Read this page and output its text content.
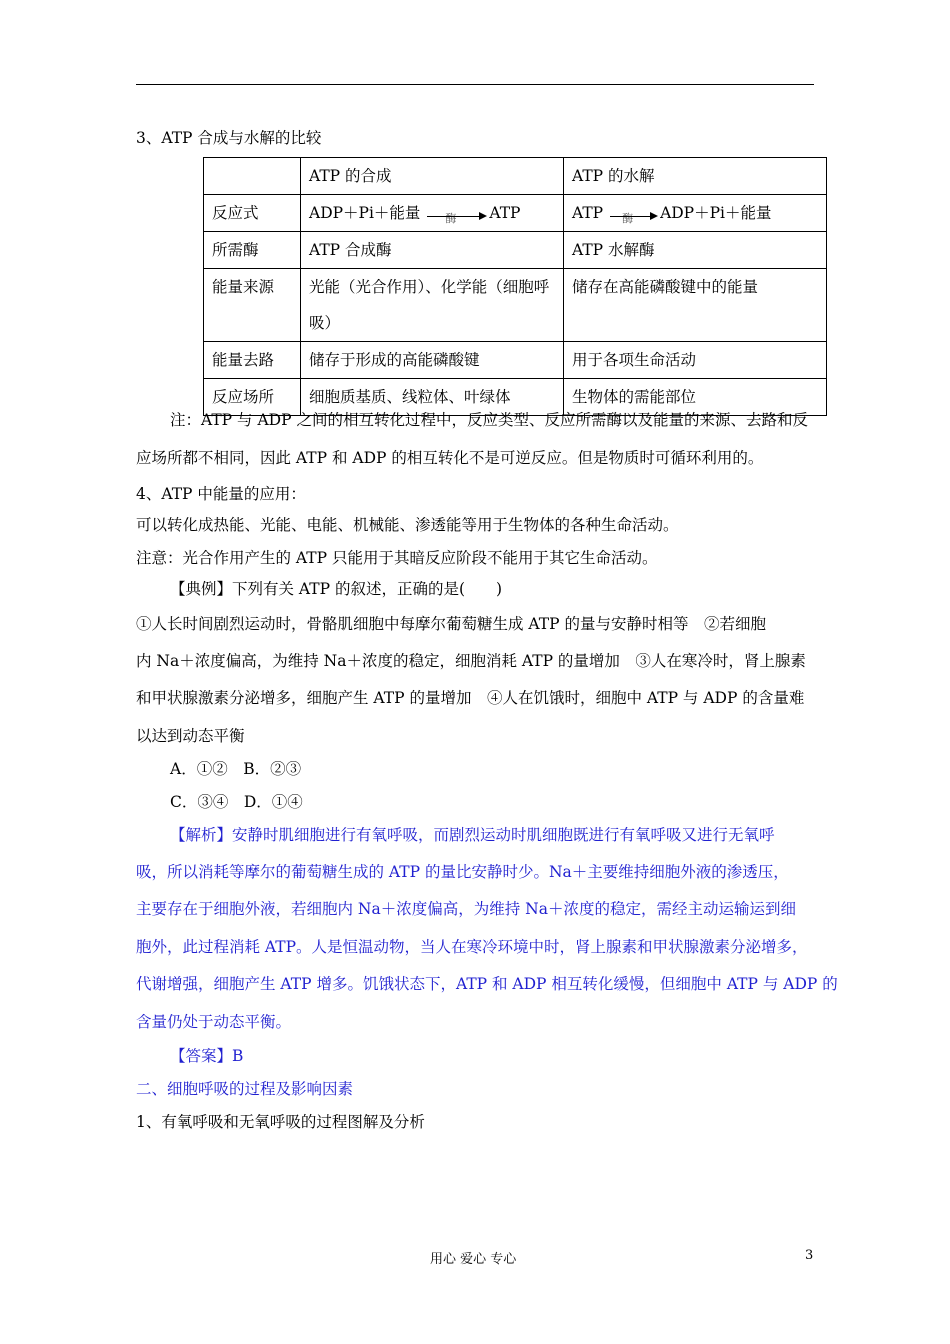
3、ATP 合成与水解的比较
	ATP 的合成	ATP 的水解
反应式	ADP＋Pi＋能量 酶 ATP	ATP 酶 ADP＋Pi＋能量
所需酶	ATP 合成酶	ATP 水解酶
能量来源	光能（光合作用）、化学能（细胞呼吸）	储存在高能磷酸键中的能量
能量去路	储存于形成的高能磷酸键	用于各项生命活动
反应场所	细胞质基质、线粒体、叶绿体	生物体的需能部位
注：ATP 与 ADP 之间的相互转化过程中，反应类型、反应所需酶以及能量的来源、去路和反
应场所都不相同，因此 ATP 和 ADP 的相互转化不是可逆反应。但是物质时可循环利用的。
4、ATP 中能量的应用：
可以转化成热能、光能、电能、机械能、渗透能等用于生物体的各种生命活动。
注意：光合作用产生的 ATP 只能用于其暗反应阶段不能用于其它生命活动。
【典例】下列有关 ATP 的叙述，正确的是(　　)
①人长时间剧烈运动时，骨骼肌细胞中每摩尔葡萄糖生成 ATP 的量与安静时相等　②若细胞
内 Na＋浓度偏高，为维持 Na＋浓度的稳定，细胞消耗 ATP 的量增加　③人在寒冷时，肾上腺素
和甲状腺激素分泌增多，细胞产生 ATP 的量增加　④人在饥饿时，细胞中 ATP 与 ADP 的含量难
以达到动态平衡
A．①②　B．②③
C．③④　D．①④
【解析】安静时肌细胞进行有氧呼吸，而剧烈运动时肌细胞既进行有氧呼吸又进行无氧呼
吸，所以消耗等摩尔的葡萄糖生成的 ATP 的量比安静时少。Na＋主要维持细胞外液的渗透压，
主要存在于细胞外液，若细胞内 Na＋浓度偏高，为维持 Na＋浓度的稳定，需经主动运输运到细
胞外，此过程消耗 ATP。人是恒温动物，当人在寒冷环境中时，肾上腺素和甲状腺激素分泌增多，
代谢增强，细胞产生 ATP 增多。饥饿状态下，ATP 和 ADP 相互转化缓慢，但细胞中 ATP 与 ADP 的
含量仍处于动态平衡。
【答案】B
二、细胞呼吸的过程及影响因素
1、有氧呼吸和无氧呼吸的过程图解及分析
用心 爱心 专心	3
